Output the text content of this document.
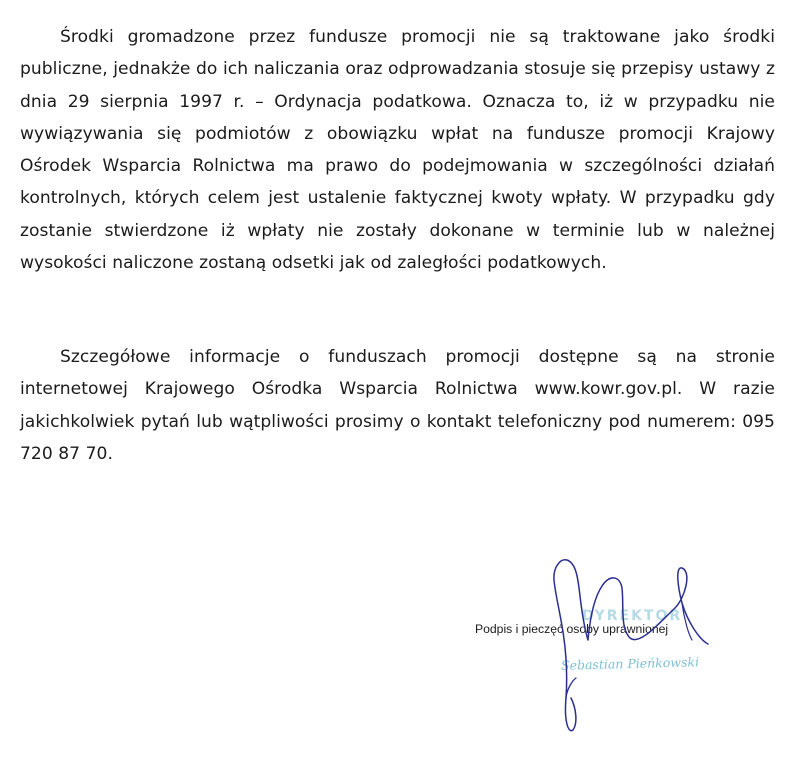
Środki gromadzone przez fundusze promocji nie są traktowane jako środki publiczne, jednakże do ich naliczania oraz odprowadzania stosuje się przepisy ustawy z dnia 29 sierpnia 1997 r. – Ordynacja podatkowa. Oznacza to, iż w przypadku nie wywiązywania się podmiotów z obowiązku wpłat na fundusze promocji Krajowy Ośrodek Wsparcia Rolnictwa ma prawo do podejmowania w szczególności działań kontrolnych, których celem jest ustalenie faktycznej kwoty wpłaty. W przypadku gdy zostanie stwierdzone iż wpłaty nie zostały dokonane w terminie lub w należnej wysokości naliczone zostaną odsetki jak od zaległości podatkowych.

Szczegółowe informacje o funduszach promocji dostępne są na stronie internetowej Krajowego Ośrodka Wsparcia Rolnictwa www.kowr.gov.pl. W razie jakichkolwiek pytań lub wątpliwości prosimy o kontakt telefoniczny pod numerem: 095 720 87 70.

DYREKTOR
Podpis i pieczęć osoby uprawnionej
Sebastian Pieńkowski
